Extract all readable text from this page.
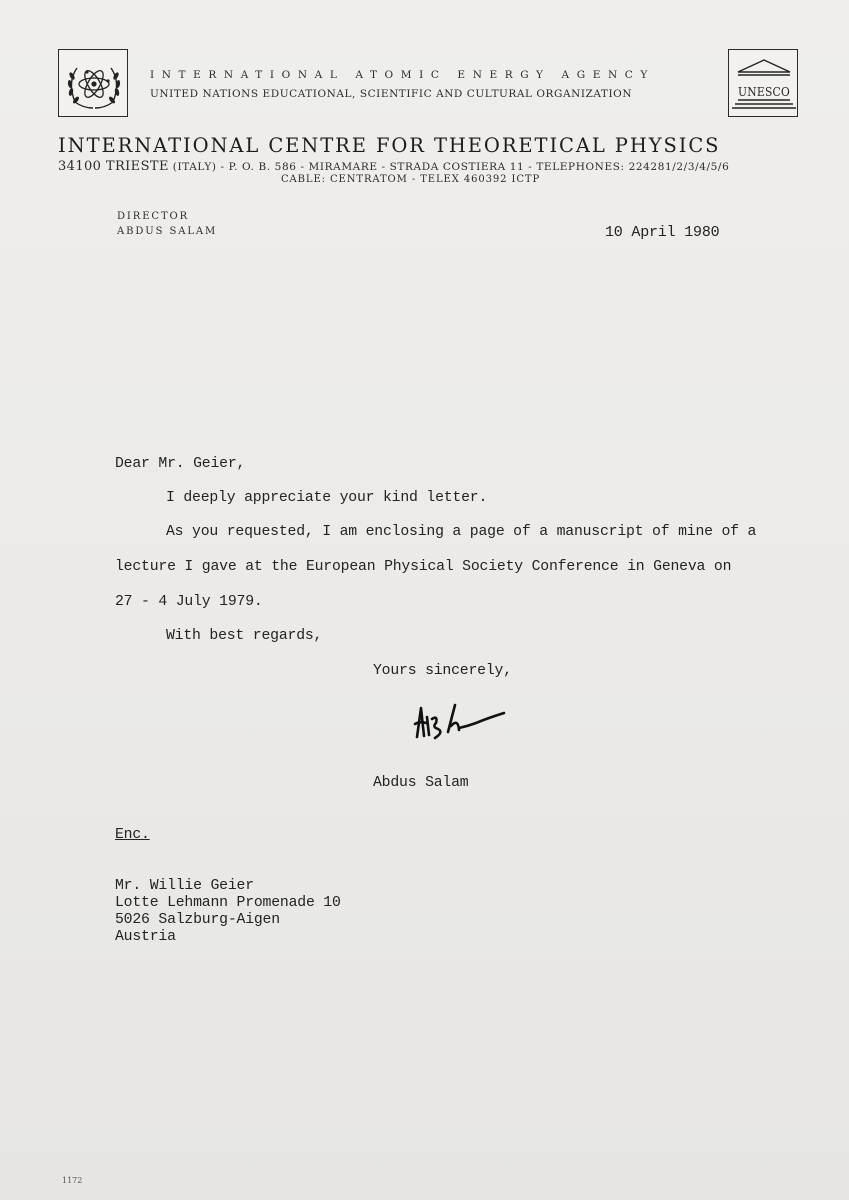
INTERNATIONAL ATOMIC ENERGY AGENCY
UNITED NATIONS EDUCATIONAL, SCIENTIFIC AND CULTURAL ORGANIZATION	UNESCO
INTERNATIONAL CENTRE FOR THEORETICAL PHYSICS
34100 TRIESTE (ITALY) - P. O. B. 586 - MIRAMARE - STRADA COSTIERA 11 - TELEPHONES: 224281/2/3/4/5/6
CABLE: CENTRATOM - TELEX 460392 ICTP
DIRECTOR
ABDUS SALAM	10 April 1980
Dear Mr. Geier,
I deeply appreciate your kind letter.
As you requested, I am enclosing a page of a manuscript of mine of a
lecture I gave at the European Physical Society Conference in Geneva on
27 - 4 July 1979.
With best regards,
Yours sincerely,
Abdus Salam
Enc.
Mr. Willie Geier
Lotte Lehmann Promenade 10
5026 Salzburg-Aigen
Austria
1172
